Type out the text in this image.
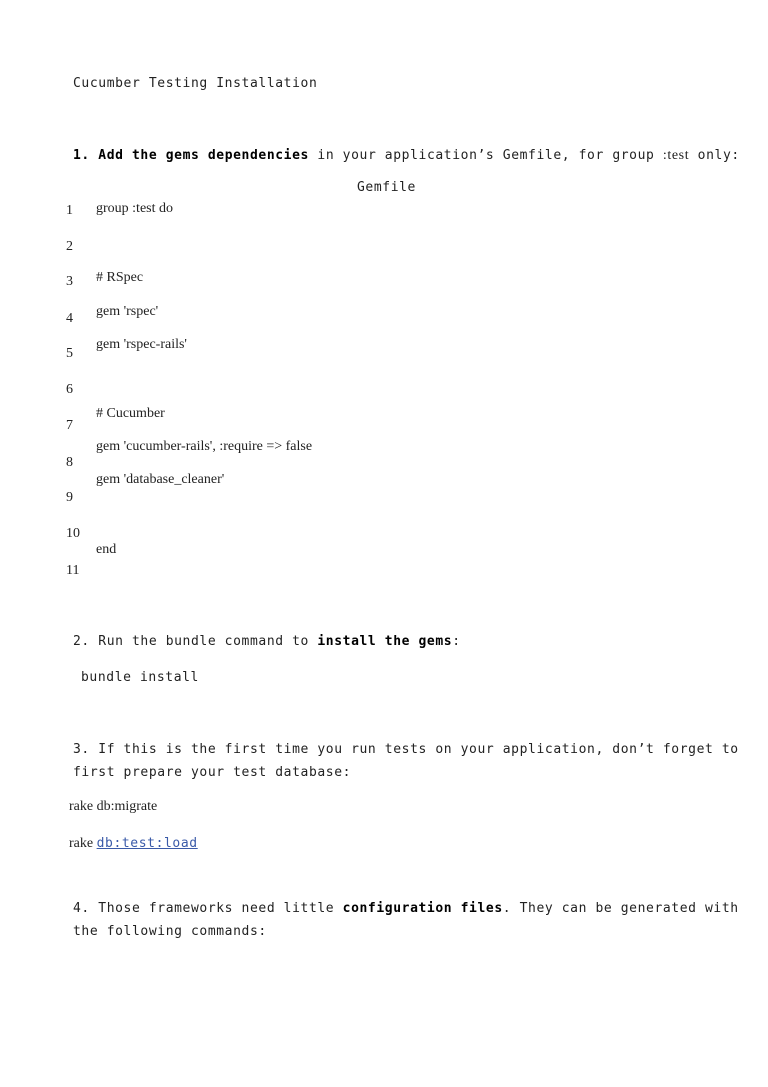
Cucumber Testing Installation
1. Add the gems dependencies in your application’s Gemfile, for group :test only:
Gemfile
1
2
3
4
5
6
7
8
9
10
11
group :test do
# RSpec
gem 'rspec'
gem 'rspec-rails'
# Cucumber
gem 'cucumber-rails', :require => false
gem 'database_cleaner'
end
2. Run the bundle command to install the gems:
bundle install
3. If this is the first time you run tests on your application, don’t forget to
first prepare your test database:
rake db:migrate
rake db:test:load
4. Those frameworks need little configuration files. They can be generated with
the following commands:
